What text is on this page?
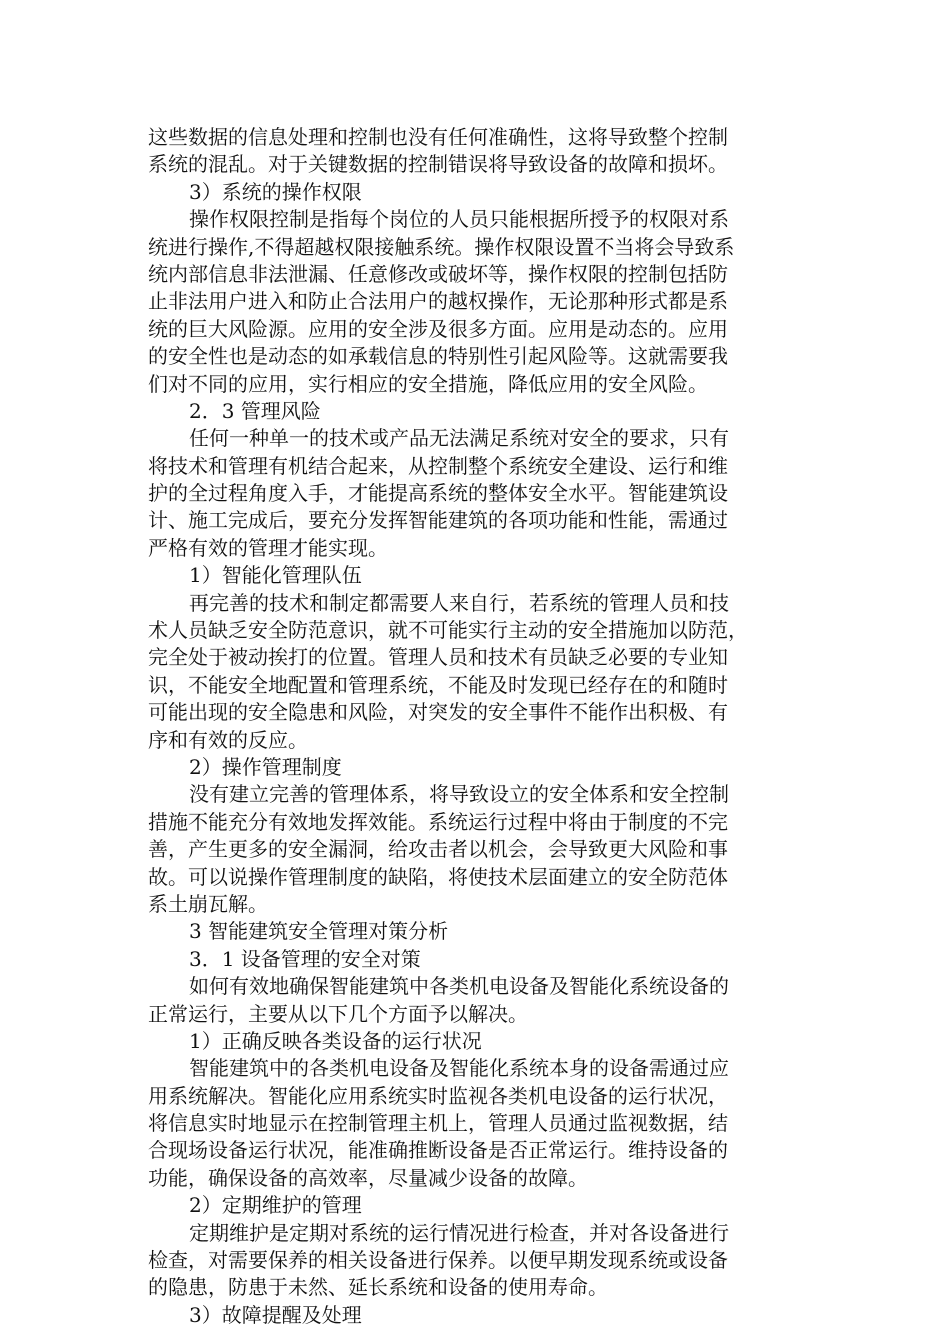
这些数据的信息处理和控制也没有任何准确性，这将导致整个控制
系统的混乱。对于关键数据的控制错误将导致设备的故障和损坏。
3）系统的操作权限
操作权限控制是指每个岗位的人员只能根据所授予的权限对系
统进行操作,不得超越权限接触系统。操作权限设置不当将会导致系
统内部信息非法泄漏、任意修改或破坏等，操作权限的控制包括防
止非法用户进入和防止合法用户的越权操作，无论那种形式都是系
统的巨大风险源。应用的安全涉及很多方面。应用是动态的。应用
的安全性也是动态的如承载信息的特别性引起风险等。这就需要我
们对不同的应用，实行相应的安全措施，降低应用的安全风险。
2．3 管理风险
任何一种单一的技术或产品无法满足系统对安全的要求，只有
将技术和管理有机结合起来，从控制整个系统安全建设、运行和维
护的全过程角度入手，才能提高系统的整体安全水平。智能建筑设
计、施工完成后，要充分发挥智能建筑的各项功能和性能，需通过
严格有效的管理才能实现。
1）智能化管理队伍
再完善的技术和制定都需要人来自行，若系统的管理人员和技
术人员缺乏安全防范意识，就不可能实行主动的安全措施加以防范，
完全处于被动挨打的位置。管理人员和技术有员缺乏必要的专业知
识，不能安全地配置和管理系统，不能及时发现已经存在的和随时
可能出现的安全隐患和风险，对突发的安全事件不能作出积极、有
序和有效的反应。
2）操作管理制度
没有建立完善的管理体系，将导致设立的安全体系和安全控制
措施不能充分有效地发挥效能。系统运行过程中将由于制度的不完
善，产生更多的安全漏洞，给攻击者以机会，会导致更大风险和事
故。可以说操作管理制度的缺陷，将使技术层面建立的安全防范体
系土崩瓦解。
3 智能建筑安全管理对策分析
3．1 设备管理的安全对策
如何有效地确保智能建筑中各类机电设备及智能化系统设备的
正常运行，主要从以下几个方面予以解决。
1）正确反映各类设备的运行状况
智能建筑中的各类机电设备及智能化系统本身的设备需通过应
用系统解决。智能化应用系统实时监视各类机电设备的运行状况，
将信息实时地显示在控制管理主机上，管理人员通过监视数据，结
合现场设备运行状况，能准确推断设备是否正常运行。维持设备的
功能，确保设备的高效率，尽量减少设备的故障。
2）定期维护的管理
定期维护是定期对系统的运行情况进行检查，并对各设备进行
检查，对需要保养的相关设备进行保养。以便早期发现系统或设备
的隐患，防患于未然、延长系统和设备的使用寿命。
3）故障提醒及处理
